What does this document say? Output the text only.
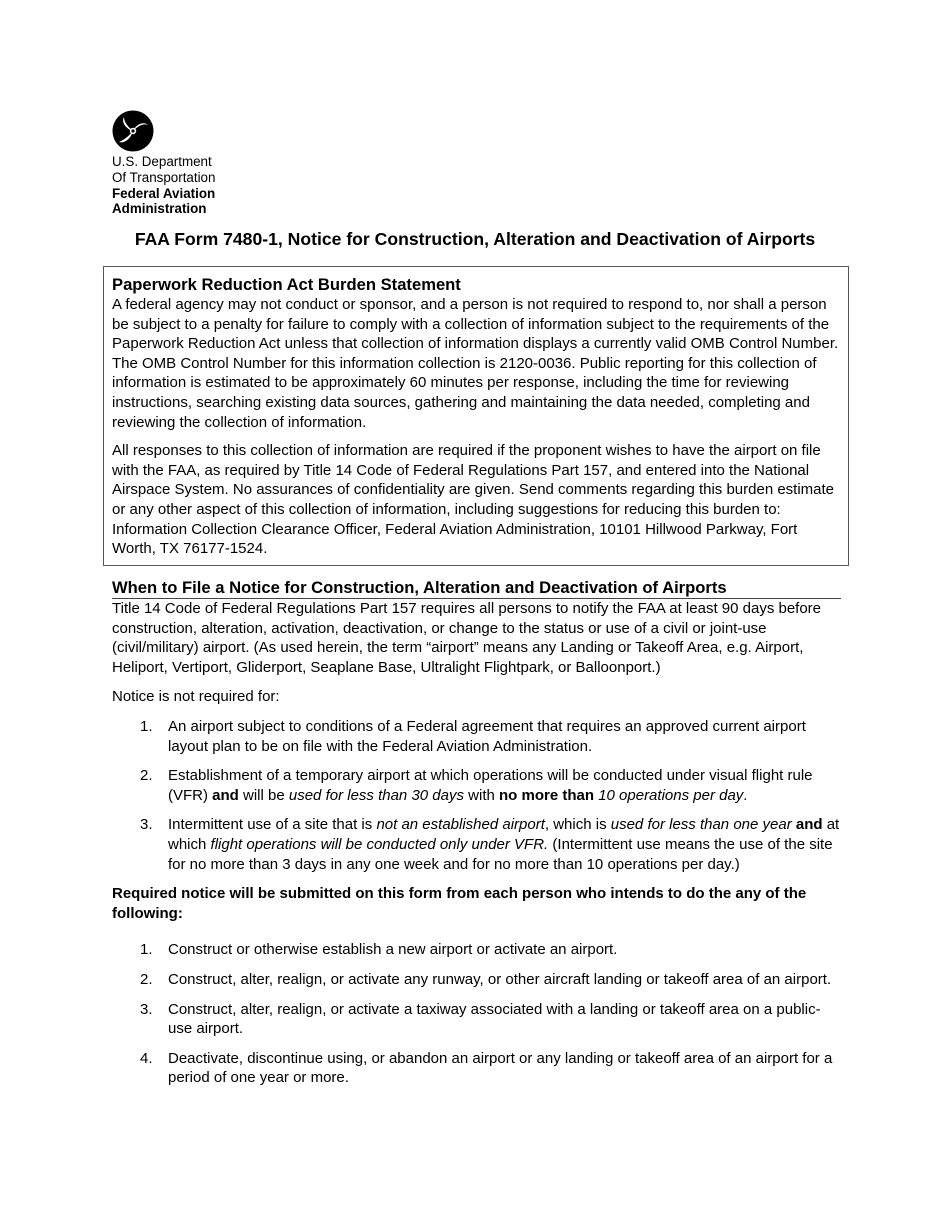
U.S. Department
Of Transportation
Federal Aviation
Administration
FAA Form 7480-1, Notice for Construction, Alteration and Deactivation of Airports
Paperwork Reduction Act Burden Statement

A federal agency may not conduct or sponsor, and a person is not required to respond to, nor shall a person be subject to a penalty for failure to comply with a collection of information subject to the requirements of the Paperwork Reduction Act unless that collection of information displays a currently valid OMB Control Number. The OMB Control Number for this information collection is 2120-0036. Public reporting for this collection of information is estimated to be approximately 60 minutes per response, including the time for reviewing instructions, searching existing data sources, gathering and maintaining the data needed, completing and reviewing the collection of information.

All responses to this collection of information are required if the proponent wishes to have the airport on file with the FAA, as required by Title 14 Code of Federal Regulations Part 157, and entered into the National Airspace System. No assurances of confidentiality are given. Send comments regarding this burden estimate or any other aspect of this collection of information, including suggestions for reducing this burden to: Information Collection Clearance Officer, Federal Aviation Administration, 10101 Hillwood Parkway, Fort Worth, TX 76177-1524.

When to File a Notice for Construction, Alteration and Deactivation of Airports

Title 14 Code of Federal Regulations Part 157 requires all persons to notify the FAA at least 90 days before construction, alteration, activation, deactivation, or change to the status or use of a civil or joint-use (civil/military) airport. (As used herein, the term “airport” means any Landing or Takeoff Area, e.g. Airport, Heliport, Vertiport, Gliderport, Seaplane Base, Ultralight Flightpark, or Balloonport.)

Notice is not required for:

1. An airport subject to conditions of a Federal agreement that requires an approved current airport layout plan to be on file with the Federal Aviation Administration.
2. Establishment of a temporary airport at which operations will be conducted under visual flight rule (VFR) and will be used for less than 30 days with no more than 10 operations per day.
3. Intermittent use of a site that is not an established airport, which is used for less than one year and at which flight operations will be conducted only under VFR. (Intermittent use means the use of the site for no more than 3 days in any one week and for no more than 10 operations per day.)

Required notice will be submitted on this form from each person who intends to do the any of the following:

1. Construct or otherwise establish a new airport or activate an airport.
2. Construct, alter, realign, or activate any runway, or other aircraft landing or takeoff area of an airport.
3. Construct, alter, realign, or activate a taxiway associated with a landing or takeoff area on a public-use airport.
4. Deactivate, discontinue using, or abandon an airport or any landing or takeoff area of an airport for a period of one year or more.
